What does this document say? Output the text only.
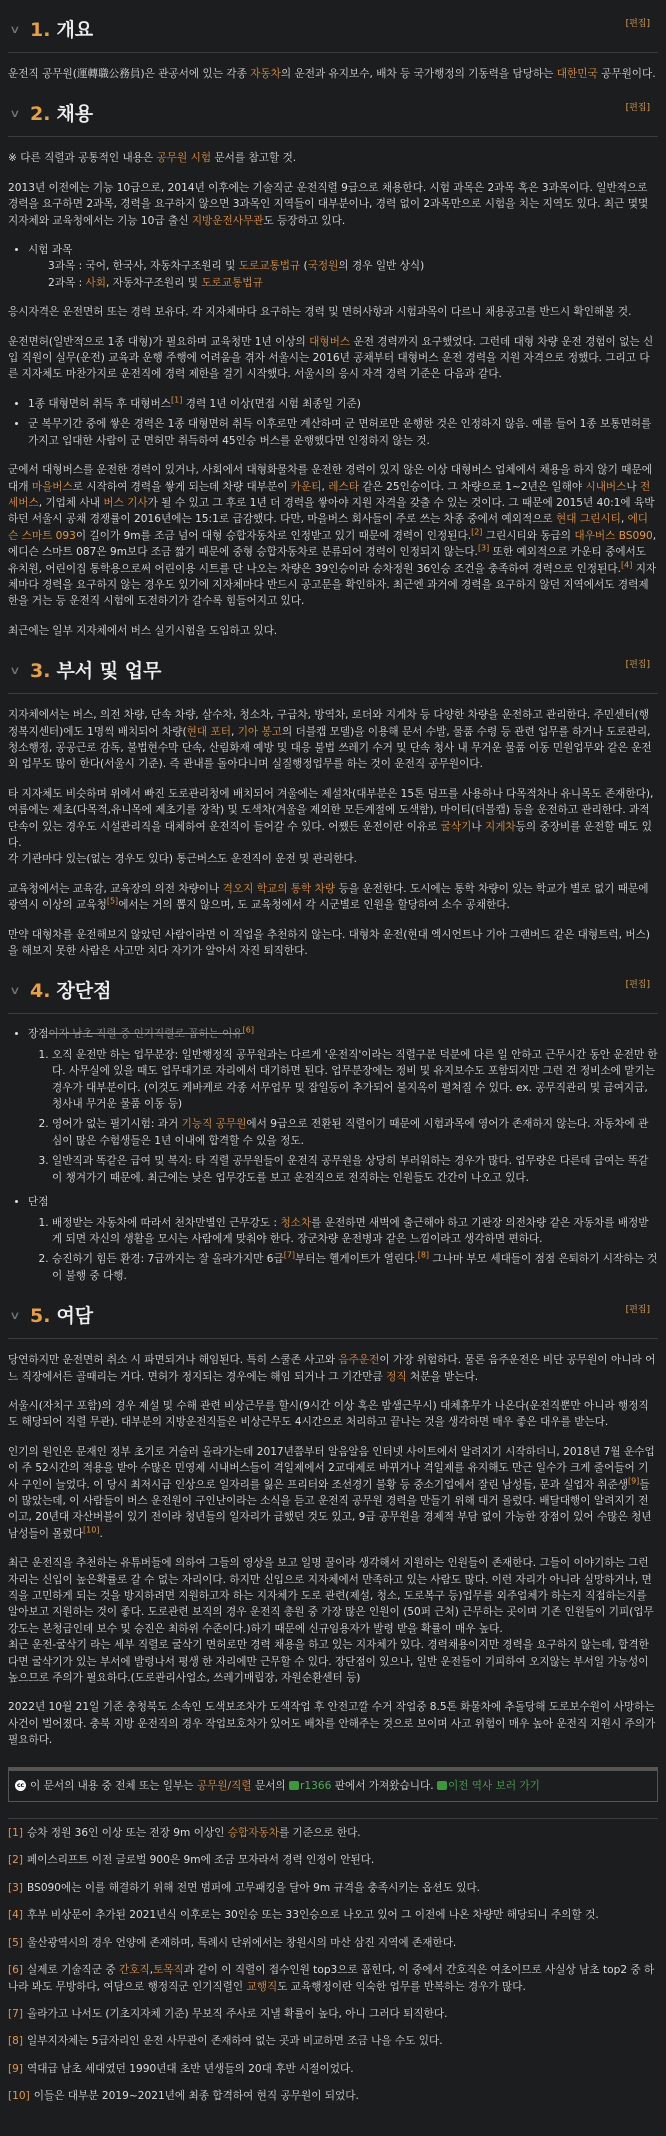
∨ 1. 개요	[편집]

운전직 공무원(運轉職公務員)은 관공서에 있는 각종 자동차의 운전과 유지보수, 배차 등 국가행정의 기동력을 담당하는 대한민국 공무원이다.

∨ 2. 채용	[편집]

※ 다른 직렬과 공통적인 내용은 공무원 시험 문서를 참고할 것.

2013년 이전에는 기능 10급으로, 2014년 이후에는 기술직군 운전직렬 9급으로 채용한다. 시험 과목은 2과목 혹은 3과목이다. 일반적으로 경력을 요구하면 2과목, 경력을 요구하지 않으면 3과목인 지역들이 대부분이나, 경력 없이 2과목만으로 시험을 치는 지역도 있다. 최근 몇몇 지자체와 교육청에서는 기능 10급 출신 지방운전사무관도 등장하고 있다.

• 시험 과목
3과목 : 국어, 한국사, 자동차구조원리 및 도로교통법규 (국정원의 경우 일반 상식)
2과목 : 사회, 자동차구조원리 및 도로교통법규

응시자격은 운전면허 또는 경력 보유다. 각 지자체마다 요구하는 경력 및 면허사항과 시험과목이 다르니 채용공고를 반드시 확인해볼 것.

운전면허(일반적으로 1종 대형)가 필요하며 교육청만 1년 이상의 대형버스 운전 경력까지 요구했었다. 그런데 대형 차량 운전 경험이 없는 신입 직원이 실무(운전) 교육과 운행 주행에 어려움을 겪자 서울시는 2016년 공채부터 대형버스 운전 경력을 지원 자격으로 정했다. 그리고 다른 지자체도 마찬가지로 운전직에 경력 제한을 걸기 시작했다. 서울시의 응시 자격 경력 기준은 다음과 같다.

• 1종 대형면허 취득 후 대형버스[1] 경력 1년 이상(면접 시험 최종일 기준)
• 군 복무기간 중에 쌓은 경력은 1종 대형면허 취득 이후로만 계산하며 군 면허로만 운행한 것은 인정하지 않음. 예를 들어 1종 보통면허를 가지고 입대한 사람이 군 면허만 취득하여 45인승 버스를 운행했다면 인정하지 않는 것.

군에서 대형버스를 운전한 경력이 있거나, 사회에서 대형화물차를 운전한 경력이 있지 않은 이상 대형버스 업체에서 채용을 하지 않기 때문에 대개 마을버스로 시작하여 경력을 쌓게 되는데 차량 대부분이 카운티, 레스타 같은 25인승이다. 그 차량으로 1~2년은 일해야 시내버스나 전세버스, 기업체 사내 버스 기사가 될 수 있고 그 후로 1년 더 경력을 쌓아야 지원 자격을 갖출 수 있는 것이다. 그 때문에 2015년 40:1에 육박하던 서울시 공채 경쟁률이 2016년에는 15:1로 급감했다. 다만, 마을버스 회사들이 주로 쓰는 차종 중에서 예외적으로 현대 그린시티, 에디슨 스마트 093이 길이가 9m를 조금 넘어 대형 승합자동차로 인정받고 있기 때문에 경력이 인정된다.[2] 그린시티와 동급의 대우버스 BS090, 에디슨 스마트 087은 9m보다 조금 짧기 때문에 중형 승합자동차로 분류되어 경력이 인정되지 않는다.[3] 또한 예외적으로 카운티 중에서도 유치원, 어린이집 통학용으로써 어린이용 시트를 단 나오는 차량은 39인승이라 승차정원 36인승 조건을 충족하여 경력으로 인정된다.[4] 지자체마다 경력을 요구하지 않는 경우도 있기에 지자체마다 반드시 공고문을 확인하자. 최근엔 과거에 경력을 요구하지 않던 지역에서도 경력제한을 거는 등 운전직 시험에 도전하기가 갈수록 힘들어지고 있다.

최근에는 일부 지자체에서 버스 실기시험을 도입하고 있다.

∨ 3. 부서 및 업무	[편집]

지자체에서는 버스, 의전 차량, 단속 차량, 살수차, 청소차, 구급차, 방역차, 로더와 지게차 등 다양한 차량을 운전하고 관리한다. 주민센터(행정복지센터)에도 1명씩 배치되어 차량(현대 포터, 기아 봉고의 더블캡 모델)을 이용해 문서 수발, 물품 수령 등 관련 업무를 하거나 도로관리, 청소행정, 공공근로 감독, 불법현수막 단속, 산림화재 예방 및 대응 불법 쓰레기 수거 및 단속 청사 내 무거운 물품 이동 민원업무와 같은 운전 외 업무도 많이 한다(서울시 기준). 즉 관내를 돌아다니며 실질행정업무를 하는 것이 운전직 공무원이다.

타 지자체도 비슷하며 위에서 빠진 도로관리청에 배치되어 겨울에는 제설차(대부분은 15톤 덤프를 사용하나 다목적차나 유니목도 존재한다), 여름에는 제초(다목적,유니목에 제초기를 장착) 및 도색차(겨울을 제외한 모든계절에 도색함), 마이티(더블캡) 등을 운전하고 관리한다. 과적단속이 있는 경우도 시설관리직을 대체하여 운전직이 들어갈 수 있다. 어쨌든 운전이란 이유로 굴삭기나 지게차등의 중장비를 운전할 때도 있다.
각 기관마다 있는(없는 경우도 있다) 통근버스도 운전직이 운전 및 관리한다.

교육청에서는 교육감, 교육장의 의전 차량이나 격오지 학교의 통학 차량 등을 운전한다. 도시에는 통학 차량이 있는 학교가 별로 없기 때문에 광역시 이상의 교육청[5]에서는 거의 뽑지 않으며, 도 교육청에서 각 시군별로 인원을 할당하여 소수 공채한다.

만약 대형차를 운전해보지 않았던 사람이라면 이 직업을 추천하지 않는다. 대형차 운전(현대 엑시언트나 기아 그랜버드 같은 대형트럭, 버스)을 해보지 못한 사람은 사고만 치다 자기가 알아서 자진 퇴직한다.

∨ 4. 장단점	[편집]
• 장점이자 남초 직렬 중 인기직렬로 꼽히는 이유[6]
1. 오직 운전만 하는 업무분장: 일반행정직 공무원과는 다르게 '운전직'이라는 직렬구분 덕분에 다른 일 안하고 근무시간 동안 운전만 한다. 사무실에 있을 때도 업무대기로 자리에서 대기하면 된다. 업무분장에는 정비 및 유지보수도 포함되지만 그런 건 정비소에 맡기는 경우가 대부분이다. (이것도 케바케로 각종 서무업무 및 잡일등이 추가되어 불지옥이 펼쳐질 수 있다. ex. 공무직관리 및 급여지급, 청사내 무거운 물품 이동 등)
2. 영어가 없는 필기시험: 과거 기능직 공무원에서 9급으로 전환된 직렬이기 때문에 시험과목에 영어가 존재하지 않는다. 자동차에 관심이 많은 수험생들은 1년 이내에 합격할 수 있을 정도.
3. 일반직과 똑같은 급여 및 복지: 타 직렬 공무원들이 운전직 공무원을 상당히 부러워하는 경우가 많다. 업무량은 다른데 급여는 똑같이 챙겨가기 때문에. 최근에는 낮은 업무강도를 보고 운전직으로 전직하는 인원들도 간간이 나오고 있다.
• 단점
1. 배정받는 자동차에 따라서 천차만별인 근무강도 : 청소차를 운전하면 새벽에 출근해야 하고 기관장 의전차량 같은 자동차를 배정받게 되면 자신의 생활을 모시는 사람에게 맞춰야 한다. 장군차량 운전병과 같은 느낌이라고 생각하면 편하다.
2. 승진하기 힘든 환경: 7급까지는 잘 올라가지만 6급[7]부터는 헬게이트가 열린다.[8] 그나마 부모 세대들이 점점 은퇴하기 시작하는 것이 불행 중 다행.
∨ 5. 여담	[편집]

당연하지만 운전면허 취소 시 파면되거나 해임된다. 특히 스쿨존 사고와 음주운전이 가장 위험하다. 물론 음주운전은 비단 공무원이 아니라 어느 직장에서든 골때리는 거다. 면허가 정지되는 경우에는 해임 되거나 그 기간만큼 정직 처분을 받는다.

서울시(자치구 포함)의 경우 제설 및 수해 관련 비상근무를 할시(9시간 이상 혹은 밤샘근무시) 대체휴무가 나온다(운전직뿐만 아니라 행정직도 해당되어 직렬 무관). 대부분의 지방운전직들은 비상근무도 4시간으로 처리하고 끝나는 것을 생각하면 매우 좋은 대우를 받는다.

인기의 원인은 문재인 정부 초기로 거슬러 올라가는데 2017년쯤부터 알음알음 인터넷 사이트에서 알려지기 시작하더니, 2018년 7월 운수업이 주 52시간의 적용을 받아 수많은 민영제 시내버스들이 격일제에서 2교대제로 바뀌거나 격일제를 유지해도 만근 일수가 크게 줄어들어 기사 구인이 늘었다. 이 당시 최저시급 인상으로 일자리를 잃은 프리터와 조선경기 불황 등 중소기업에서 잘린 남성들, 문과 실업자 취준생[9]들이 많았는데, 이 사람들이 버스 운전원이 구인난이라는 소식을 듣고 운전직 공무원 경력을 만들기 위해 대거 몰렸다. 배달대행이 알려지기 전이고, 20년대 자산버블이 있기 전이라 청년들의 일자리가 급했던 것도 있고, 9급 공무원을 경제적 부담 없이 가능한 장점이 있어 수많은 청년 남성들이 몰렸다[10].

최근 운전직을 추천하는 유튜버들에 의하여 그들의 영상을 보고 일명 꿀이라 생각해서 지원하는 인원들이 존재한다. 그들이 이야기하는 그런 자리는 신입이 높은확률로 갈 수 없는 자리이다. 하지만 신입으로 지자체에서 만족하고 있는 사람도 많다. 이런 자리가 아니라 실망하거나, 면직을 고민하게 되는 것을 방지하려면 지원하고자 하는 지자체가 도로 관련(제설, 청소, 도로복구 등)업무를 외주업체가 하는지 직접하는지를 알아보고 지원하는 것이 좋다. 도로관련 보직의 경우 운전직 총원 중 가장 많은 인원이 (50퍼 근처) 근무하는 곳이며 기존 인원들이 기피(업무강도는 본청급인데 보수 및 승진은 최하위 수준이다.)하기 때문에 신규임용자가 발령 받을 확률이 매우 높다.
최근 운전-굴삭기 라는 세부 직렬로 굴삭기 면허로만 경력 채용을 하고 있는 지자체가 있다. 경력채용이지만 경력을 요구하지 않는데, 합격한다면 굴삭기가 있는 부서에 발령나서 평생 한 자리에만 근무할 수 있다. 장단점이 있으나, 일반 운전들이 기피하여 오지않는 부서일 가능성이 높으므로 주의가 필요하다.(도로관리사업소, 쓰레기매립장, 자원순환센터 등)

2022년 10월 21일 기준 충청북도 소속인 도색보조차가 도색작업 후 안전고깔 수거 작업중 8.5톤 화물차에 추돌당해 도로보수원이 사망하는 사건이 벌어졌다. 충북 지방 운전직의 경우 작업보호차가 있어도 배차를 안해주는 것으로 보이며 사고 위험이 매우 높아 운전직 지원시 주의가 필요하다.

cc 이 문서의 내용 중 전체 또는 일부는 공무원/직렬 문서의 r1366 판에서 가져왔습니다. 이전 역사 보러 가기
[1] 승차 정원 36인 이상 또는 전장 9m 이상인 승합자동차를 기준으로 한다.
[2] 페이스리프트 이전 글로벌 900은 9m에 조금 모자라서 경력 인정이 안된다.
[3] BS090에는 이를 해결하기 위해 전면 범퍼에 고무패킹을 달아 9m 규격을 충족시키는 옵션도 있다.
[4] 후부 비상문이 추가된 2021년식 이후로는 30인승 또는 33인승으로 나오고 있어 그 이전에 나온 차량만 해당되니 주의할 것.
[5] 울산광역시의 경우 언양에 존재하며, 특례시 단위에서는 창원시의 마산 삼진 지역에 존재한다.
[6] 실제로 기술직군 중 간호직,토목직과 같이 이 직렬이 접수인원 top3으로 꼽힌다, 이 중에서 간호직은 여초이므로 사실상 남초 top2 중 하나라 봐도 무방하다, 여담으로 행정직군 인기직렬인 교행직도 교육행정이란 익숙한 업무를 반복하는 경우가 많다.
[7] 올라가고 나서도 (기초지자체 기준) 무보직 주사로 지낼 확률이 높다, 아니 그러다 퇴직한다.
[8] 일부지자체는 5급자리인 운전 사무관이 존재하여 없는 곳과 비교하면 조금 나을 수도 있다.
[9] 역대급 남초 세대였던 1990년대 초반 년생들의 20대 후반 시절이었다.
[10] 이들은 대부분 2019~2021년에 최종 합격하여 현직 공무원이 되었다.
